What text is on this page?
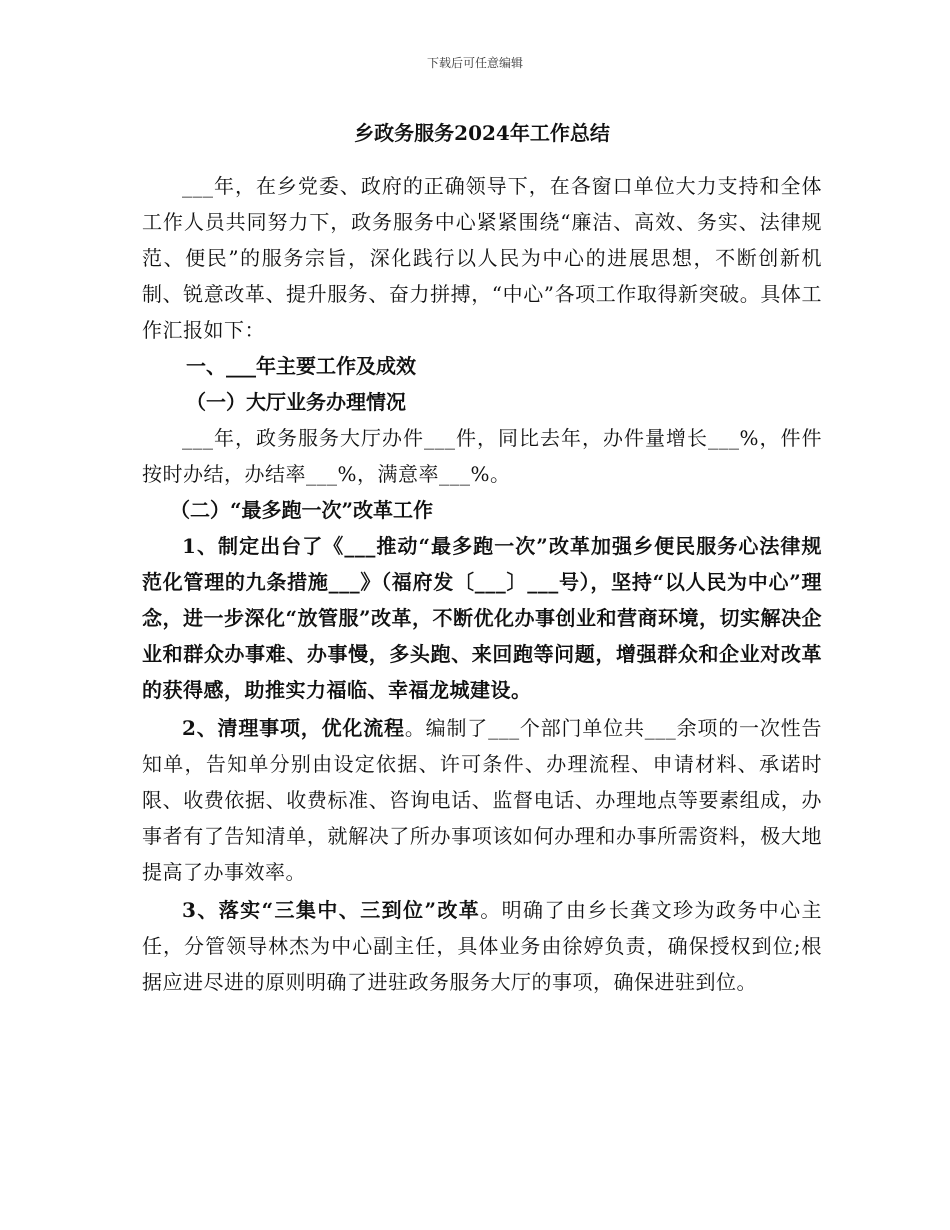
下载后可任意编辑
乡政务服务2024年工作总结

___年，在乡党委、政府的正确领导下，在各窗口单位大力支持和全体工作人员共同努力下，政务服务中心紧紧围绕“廉洁、高效、务实、法律规范、便民”的服务宗旨，深化践行以人民为中心的进展思想，不断创新机制、锐意改革、提升服务、奋力拼搏，“中心”各项工作取得新突破。具体工作汇报如下：

一、___年主要工作及成效
（一）大厅业务办理情况

___年，政务服务大厅办件___件，同比去年，办件量增长___%，件件按时办结，办结率___%，满意率___%。

（二）“最多跑一次”改革工作

1、制定出台了《___推动“最多跑一次”改革加强乡便民服务心法律规范化管理的九条措施___》（福府发〔___〕___号），坚持“以人民为中心”理念，进一步深化“放管服”改革，不断优化办事创业和营商环境，切实解决企业和群众办事难、办事慢，多头跑、来回跑等问题，增强群众和企业对改革的获得感，助推实力福临、幸福龙城建设。

2、清理事项，优化流程。编制了___个部门单位共___余项的一次性告知单，告知单分别由设定依据、许可条件、办理流程、申请材料、承诺时限、收费依据、收费标准、咨询电话、监督电话、办理地点等要素组成，办事者有了告知清单，就解决了所办事项该如何办理和办事所需资料，极大地提高了办事效率。

3、落实“三集中、三到位”改革。明确了由乡长龚文珍为政务中心主任，分管领导林杰为中心副主任，具体业务由徐婷负责，确保授权到位;根据应进尽进的原则明确了进驻政务服务大厅的事项，确保进驻到位。
